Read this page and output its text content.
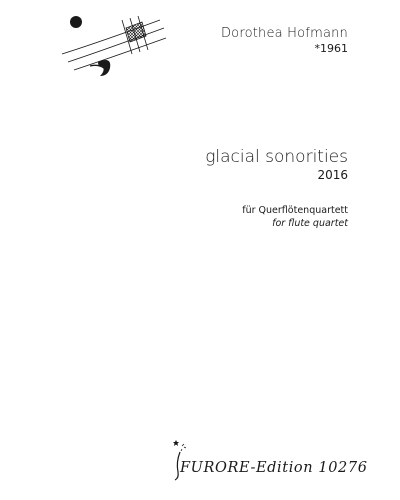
Dorothea Hofmann
*1961
glacial sonorities
2016
für Querflötenquartett
for flute quartet
FURORE-Edition 10276
